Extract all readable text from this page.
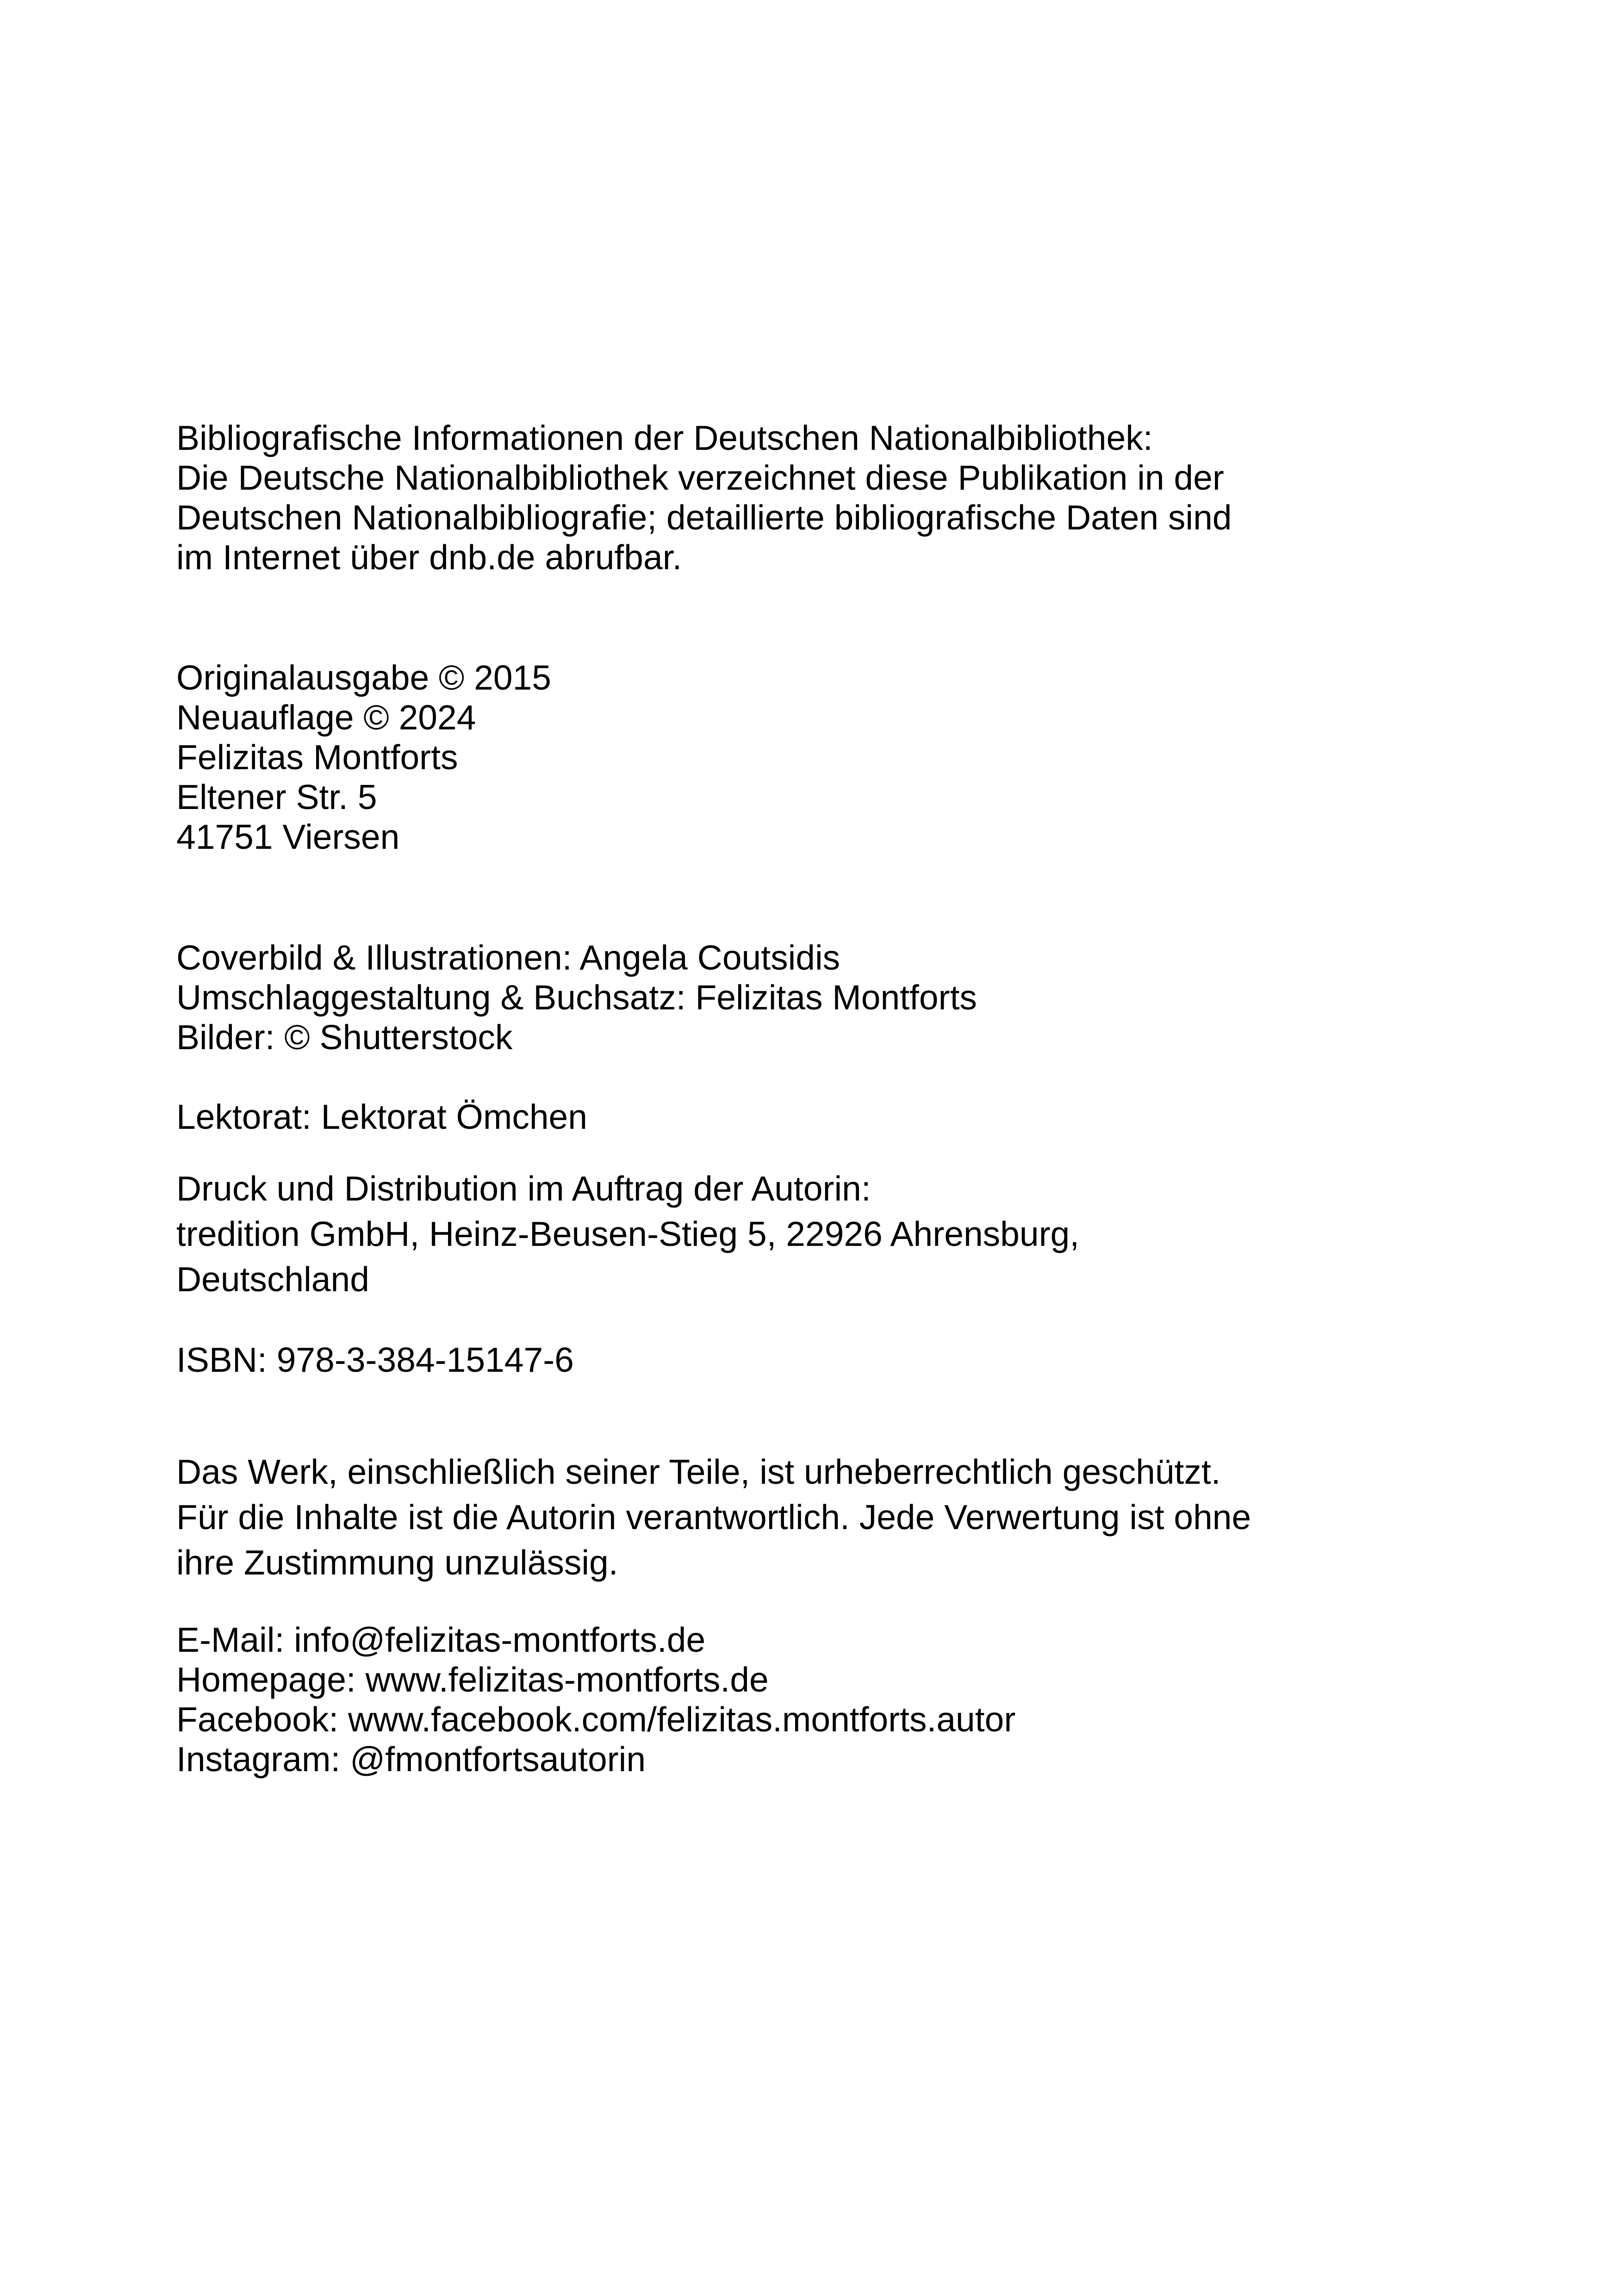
Bibliografische Informationen der Deutschen Nationalbibliothek:
Die Deutsche Nationalbibliothek verzeichnet diese Publikation in der
Deutschen Nationalbibliografie; detaillierte bibliografische Daten sind
im Internet über dnb.de abrufbar.
Originalausgabe © 2015
Neuauflage © 2024
Felizitas Montforts
Eltener Str. 5
41751 Viersen
Coverbild & Illustrationen: Angela Coutsidis
Umschlaggestaltung & Buchsatz: Felizitas Montforts
Bilder: © Shutterstock
Lektorat: Lektorat Ömchen
Druck und Distribution im Auftrag der Autorin:
tredition GmbH, Heinz-Beusen-Stieg 5, 22926 Ahrensburg,
Deutschland
ISBN: 978-3-384-15147-6
Das Werk, einschließlich seiner Teile, ist urheberrechtlich geschützt.
Für die Inhalte ist die Autorin verantwortlich. Jede Verwertung ist ohne
ihre Zustimmung unzulässig.
E-Mail: info@felizitas-montforts.de
Homepage: www.felizitas-montforts.de
Facebook: www.facebook.com/felizitas.montforts.autor
Instagram: @fmontfortsautorin
